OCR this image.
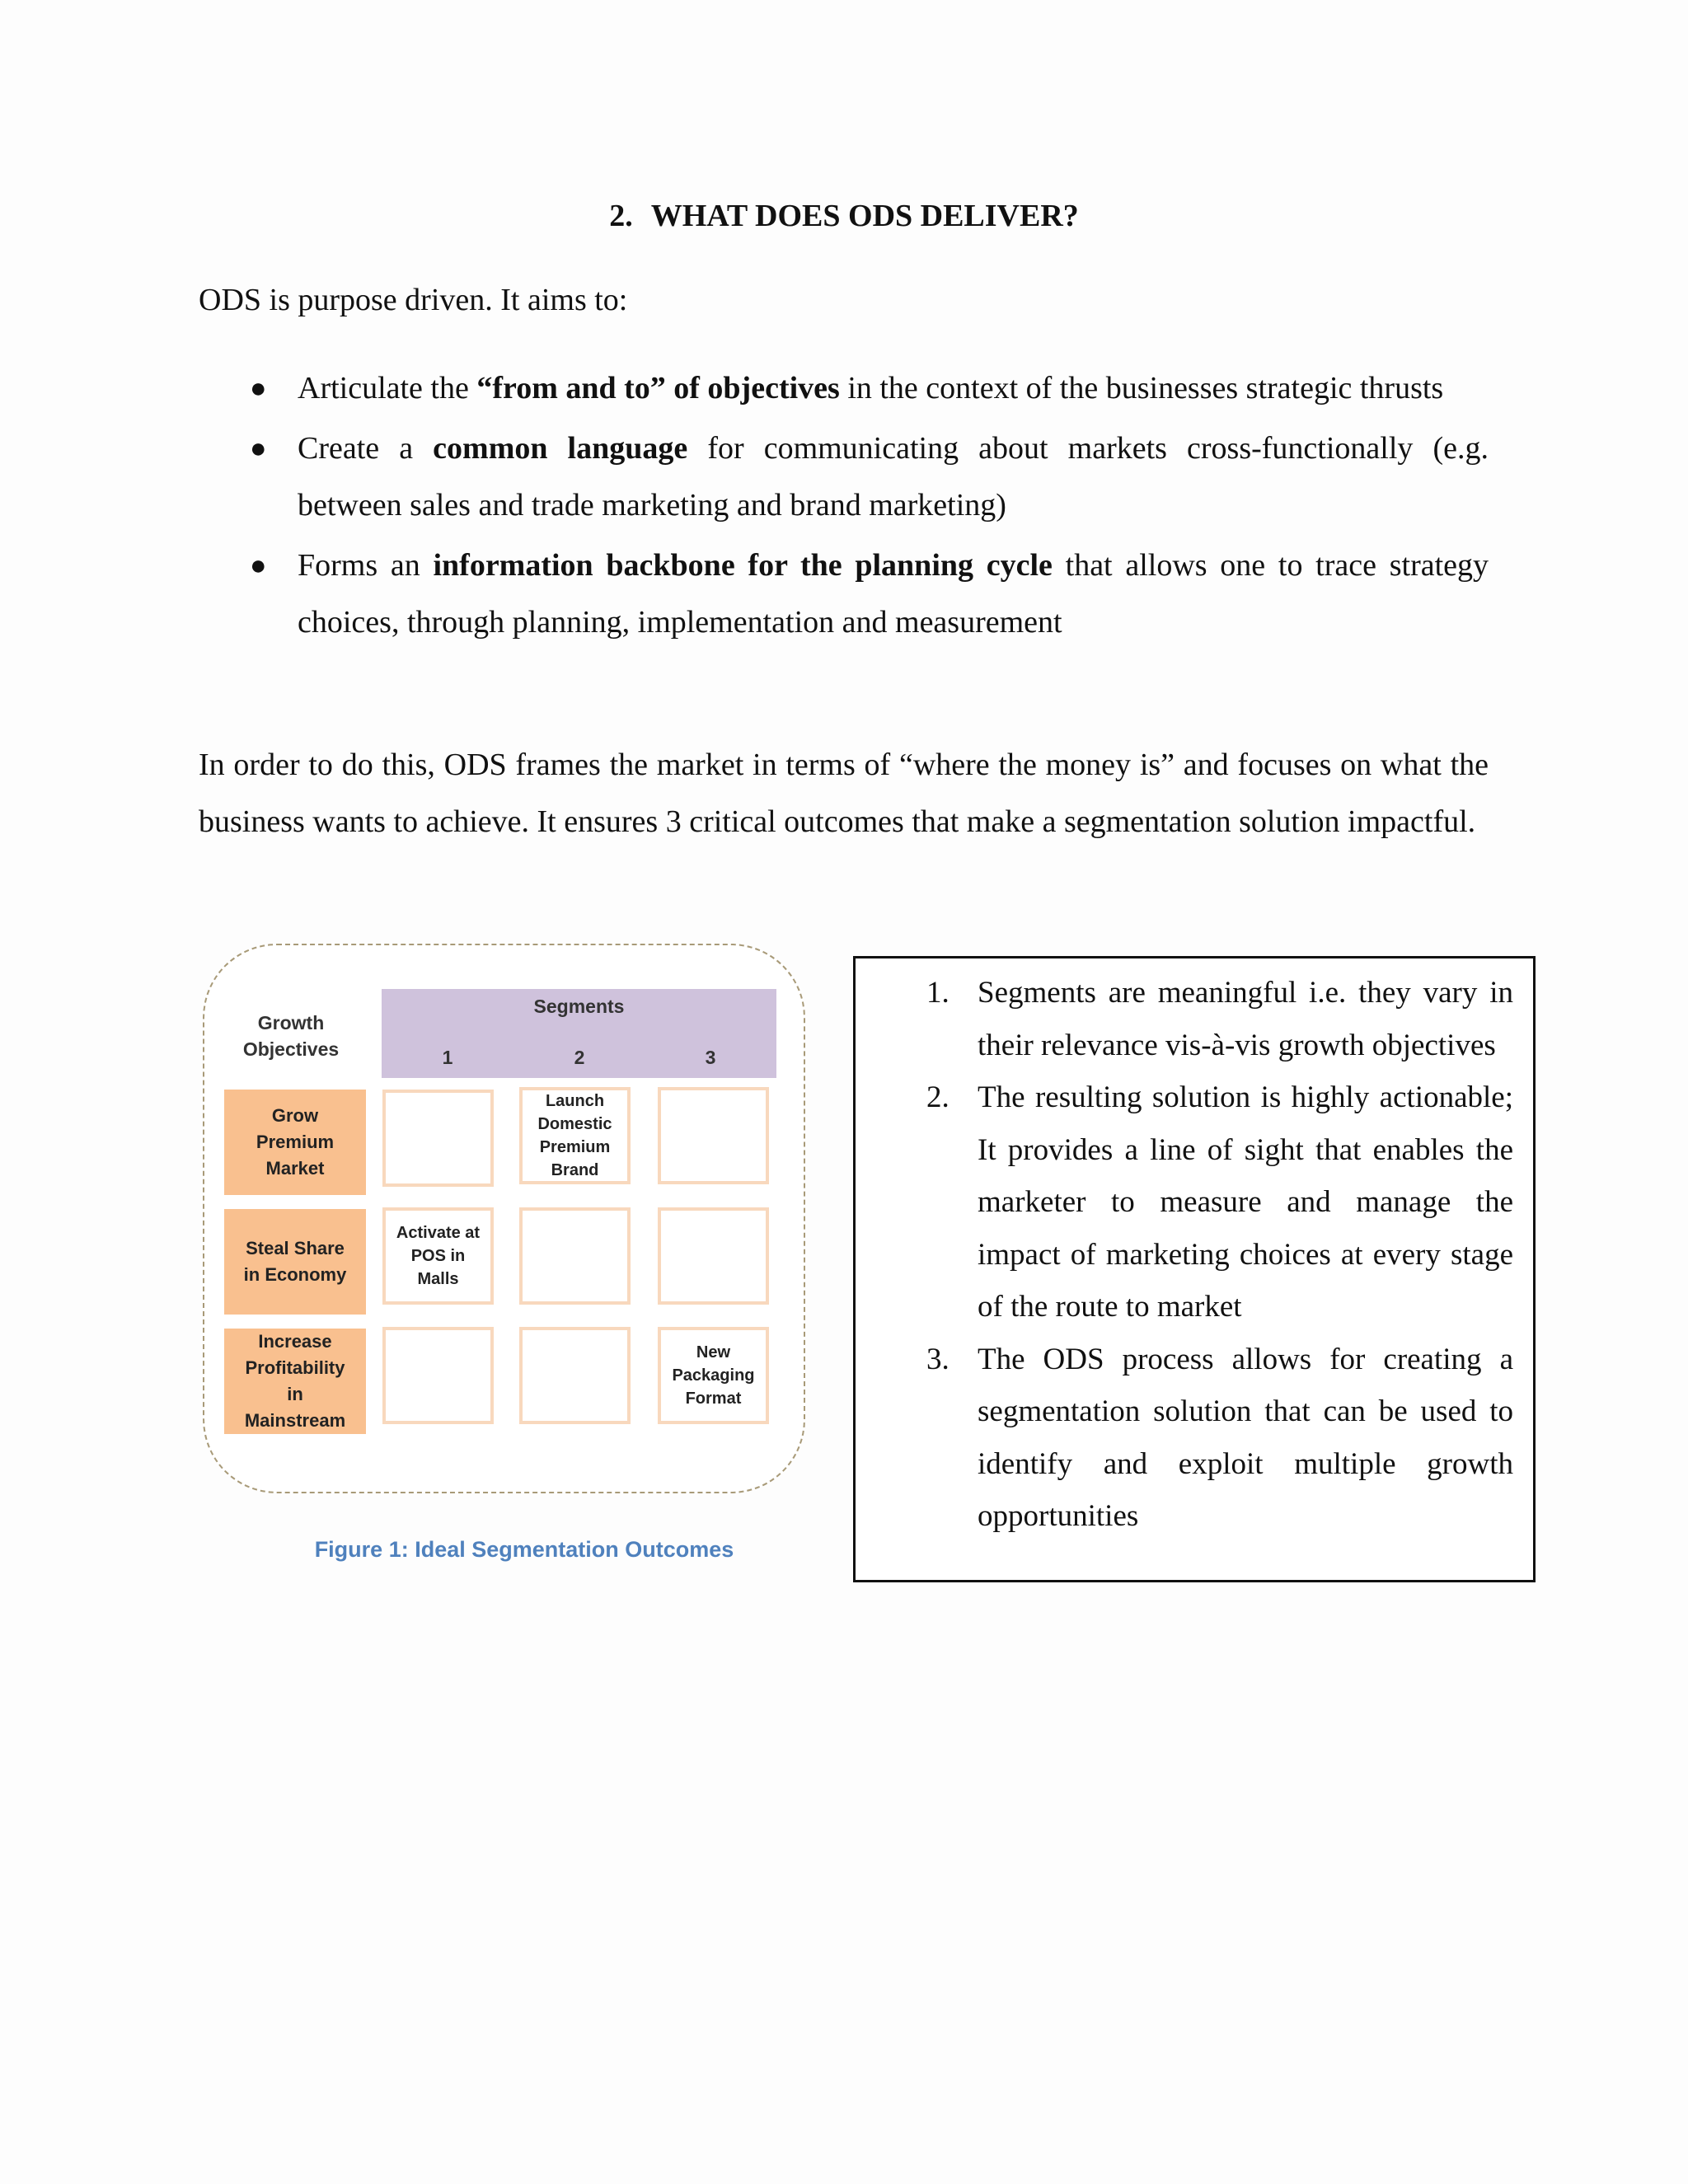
2. WHAT DOES ODS DELIVER?
ODS is purpose driven. It aims to:
● Articulate the “from and to” of objectives in the context of the businesses strategic thrusts
● Create a common language for communicating about markets cross-functionally (e.g. between sales and trade marketing and brand marketing)
● Forms an information backbone for the planning cycle that allows one to trace strategy choices, through planning, implementation and measurement
In order to do this, ODS frames the market in terms of “where the money is” and focuses on what the business wants to achieve. It ensures 3 critical outcomes that make a segmentation solution impactful.
Growth
Objectives
Segments
1	2	3
Grow
Premium
Market
Steal Share
in Economy
Increase
Profitability
in
Mainstream
Launch
Domestic
Premium
Brand
Activate at
POS in
Malls
New
Packaging
Format
Figure 1: Ideal Segmentation Outcomes
1. Segments are meaningful i.e. they vary in their relevance vis-à-vis growth objectives
2. The resulting solution is highly actionable; It provides a line of sight that enables the marketer to measure and manage the impact of marketing choices at every stage of the route to market
3. The ODS process allows for creating a segmentation solution that can be used to identify and exploit multiple growth opportunities
